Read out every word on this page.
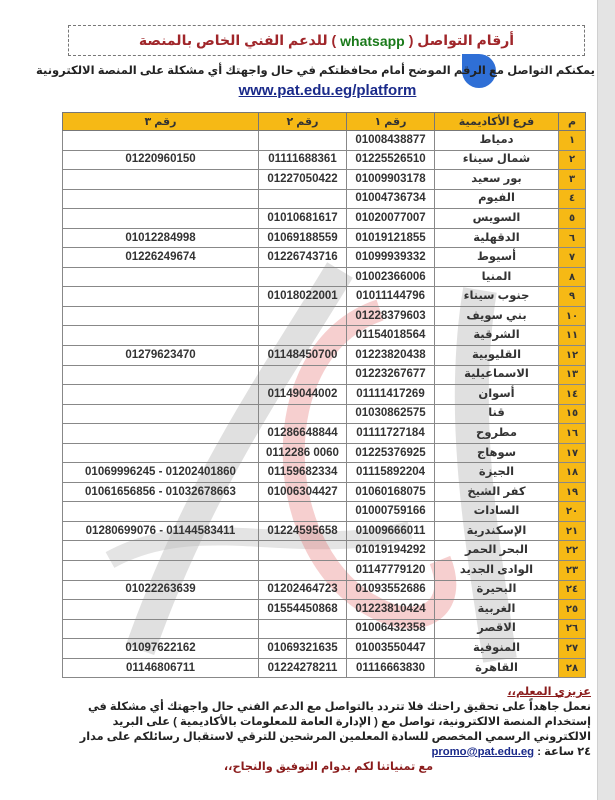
أرقام التواصل (
whatsapp
) للدعم الفني الخاص بالمنصة
يمكنكم التواصل مع الرقم الموضح أمام محافظتكم في حال واجهتك أي مشكلة على المنصة الالكترونية
www.pat.edu.eg/platform
م	فرع الأكاديمية	رقم ١	رقم ٢	رقم ٣
١	دمياط	01008438877		
٢	شمال سيناء	01225526510	01111688361	01220960150
٣	بور سعيد	01009903178	01227050422	
٤	الفيوم	01004736734		
٥	السويس	01020077007	01010681617	
٦	الدقهلية	01019121855	01069188559	01012284998
٧	أسيوط	01099939332	01226743716	01226249674
٨	المنيا	01002366006		
٩	جنوب سيناء	01011144796	01018022001	
١٠	بني سويف	01228379603		
١١	الشرقية	01154018564		
١٢	القليوبية	01223820438	01148450700	01279623470
١٣	الاسماعيلية	01223267677		
١٤	أسوان	01111417269	01149044002	
١٥	قنا	01030862575		
١٦	مطروح	01111727184	01286648844	
١٧	سوهاج	01225376925	0112286 0060	
١٨	الجيزة	01115892204	01159682334	01069996245 - 01202401860
١٩	كفر الشيخ	01060168075	01006304427	01061656856 - 01032678663
٢٠	السادات	01000759166		
٢١	الإسكندرية	01009666011	01224595658	01280699076 - 01144583411
٢٢	البحر الحمر	01019194292		
٢٣	الوادى الجديد	01147779120		
٢٤	البحيرة	01093552686	01202464723	01022263639
٢٥	الغربية	01223810424	01554450868	
٢٦	الاقصر	01006432358		
٢٧	المنوفية	01003550447	01069321635	01097622162
٢٨	القاهرة	01116663830	01224278211	01146806711
عزيزي المعلم،،
نعمل جاهداً على تحقيق راحتك فلا تتردد بالتواصل مع الدعم الفني حال واجهتك أي مشكلة في إستخدام المنصة الالكترونية، تواصل مع ( الإدارة العامة للمعلومات بالأكاديمية ) على البريد الالكتروني الرسمي المخصص للسادة المعلمين المرشحين للترقي لاستقبال رسائلكم على مدار ٢٤ ساعة : promo@pat.edu.eg
مع تمنياتنا لكم بدوام التوفيق والنجاح،،
